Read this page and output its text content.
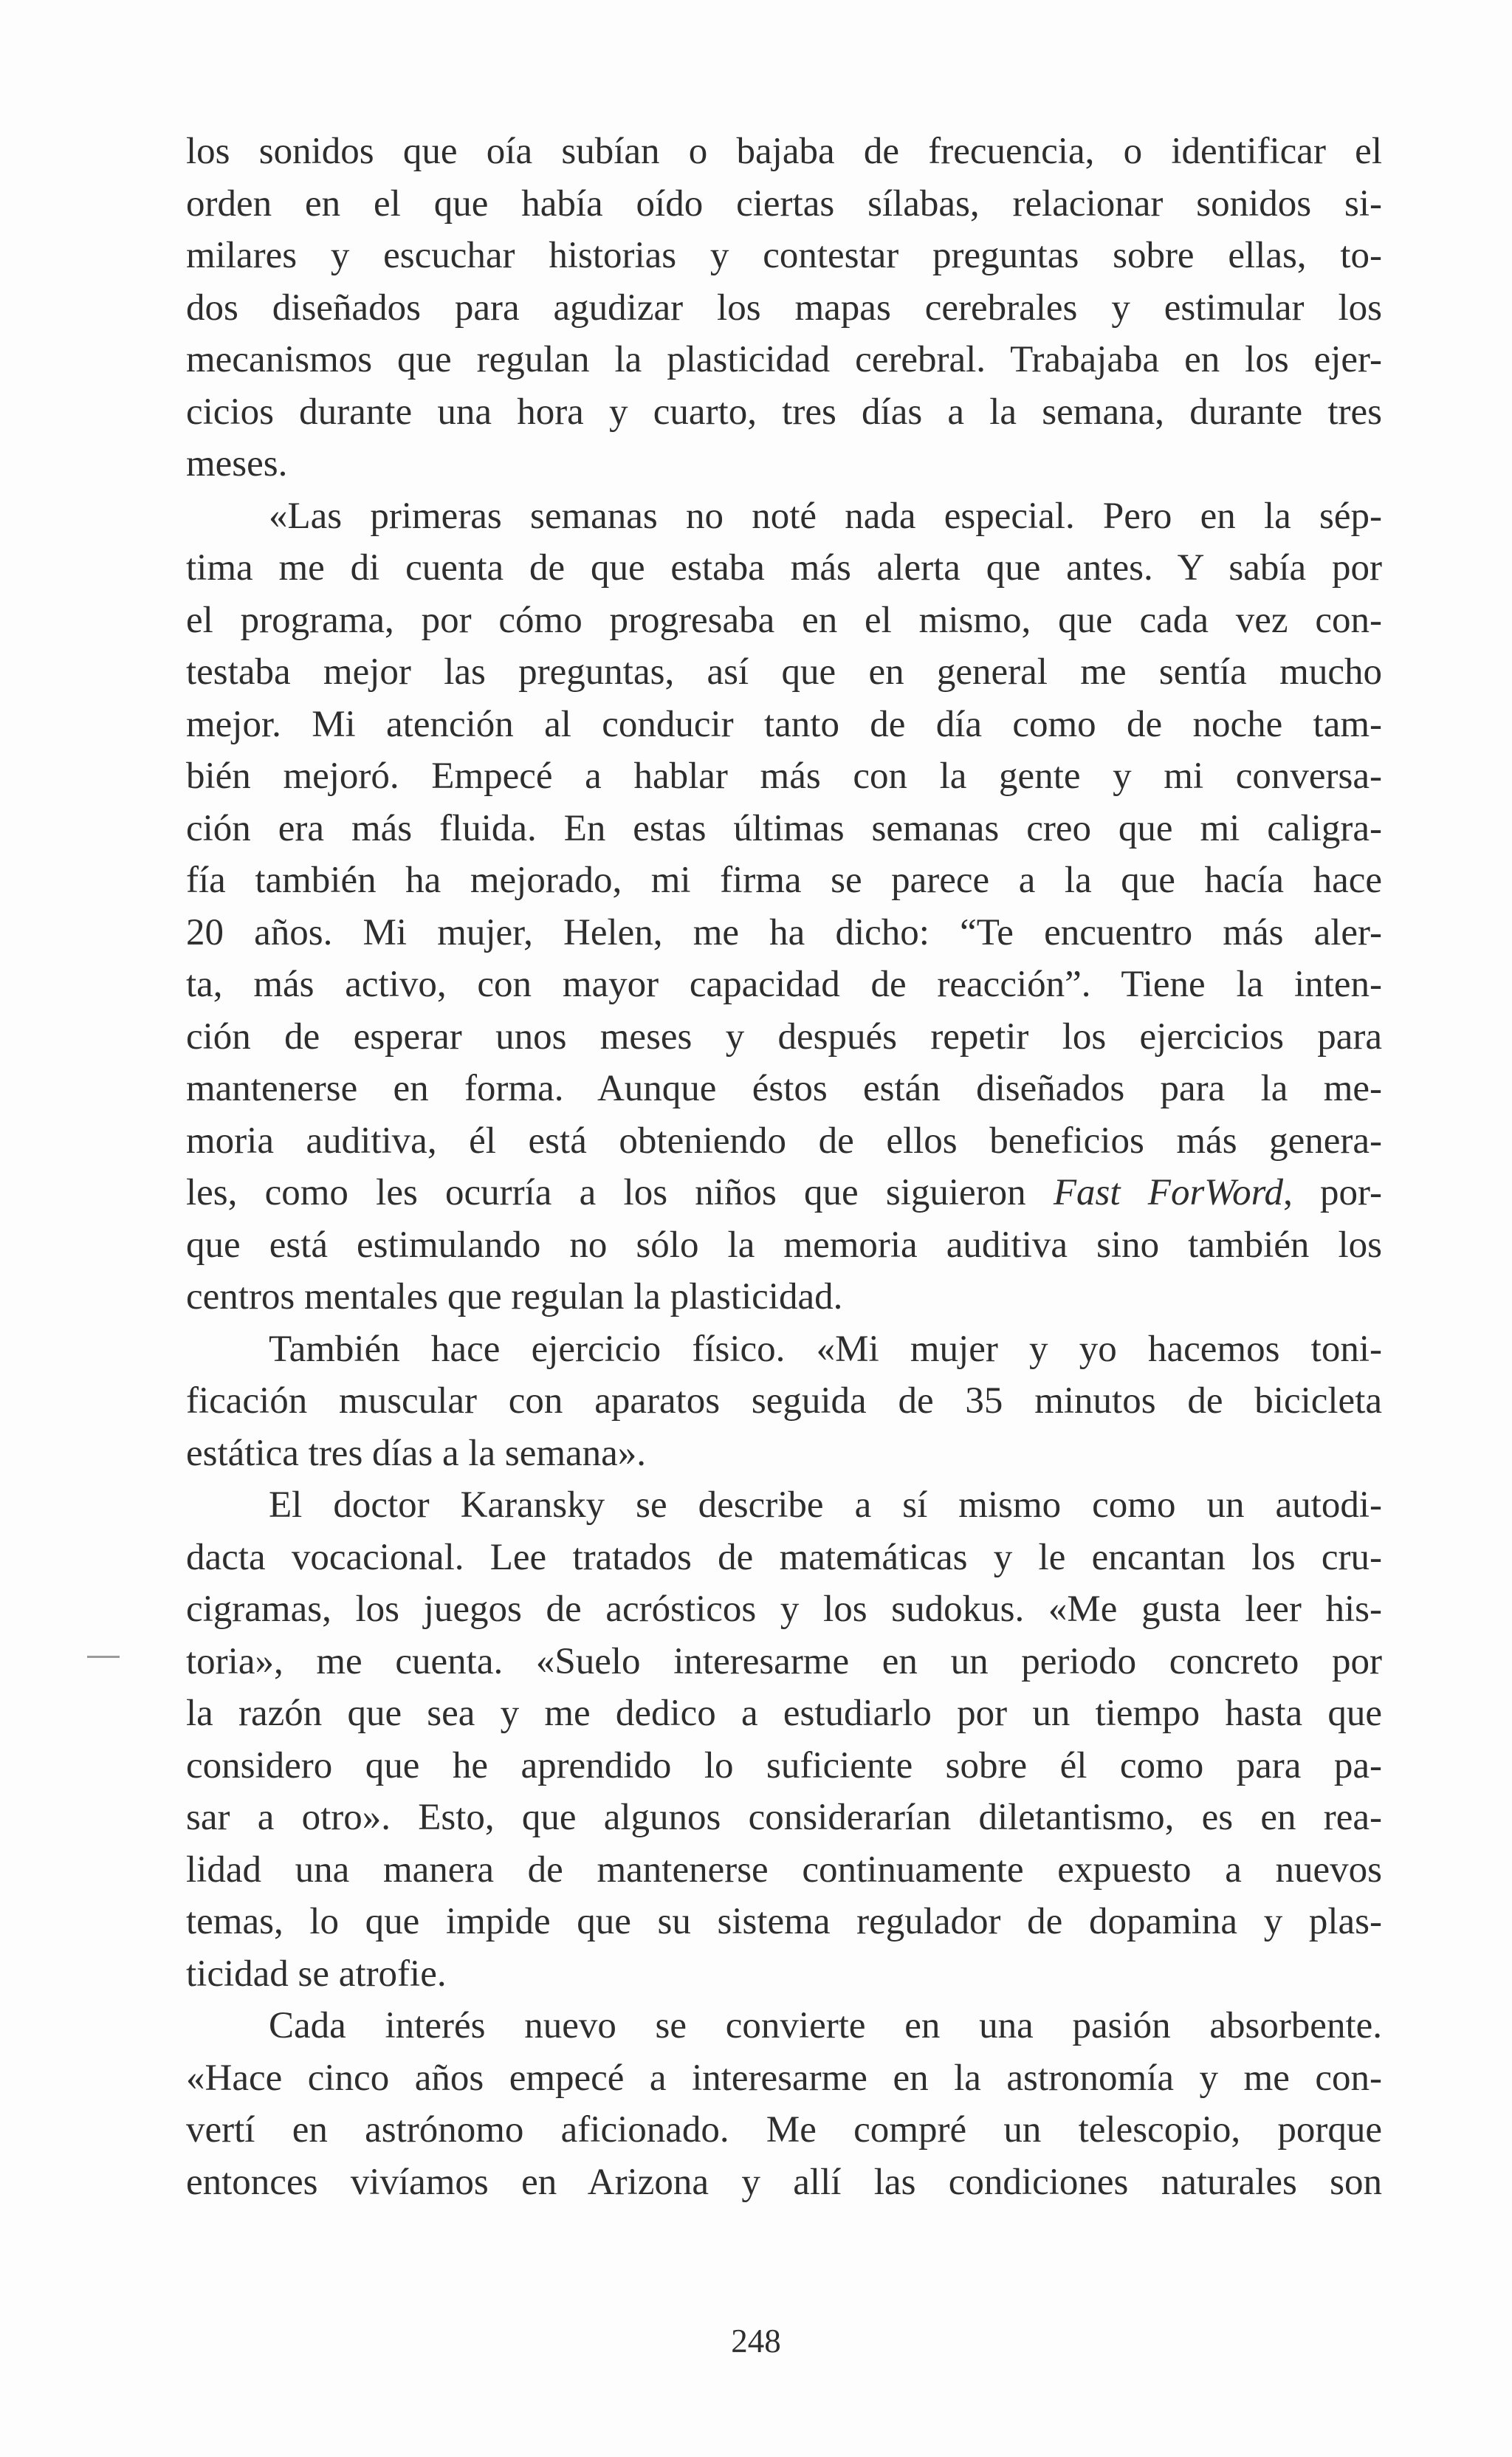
los sonidos que oía subían o bajaba de frecuencia, o identificar el
orden en el que había oído ciertas sílabas, relacionar sonidos si-
milares y escuchar historias y contestar preguntas sobre ellas, to-
dos diseñados para agudizar los mapas cerebrales y estimular los
mecanismos que regulan la plasticidad cerebral. Trabajaba en los ejer-
cicios durante una hora y cuarto, tres días a la semana, durante tres
meses.
«Las primeras semanas no noté nada especial. Pero en la sép-
tima me di cuenta de que estaba más alerta que antes. Y sabía por
el programa, por cómo progresaba en el mismo, que cada vez con-
testaba mejor las preguntas, así que en general me sentía mucho
mejor. Mi atención al conducir tanto de día como de noche tam-
bién mejoró. Empecé a hablar más con la gente y mi conversa-
ción era más fluida. En estas últimas semanas creo que mi caligra-
fía también ha mejorado, mi firma se parece a la que hacía hace
20 años. Mi mujer, Helen, me ha dicho: “Te encuentro más aler-
ta, más activo, con mayor capacidad de reacción”. Tiene la inten-
ción de esperar unos meses y después repetir los ejercicios para
mantenerse en forma. Aunque éstos están diseñados para la me-
moria auditiva, él está obteniendo de ellos beneficios más genera-
les, como les ocurría a los niños que siguieron Fast ForWord, por-
que está estimulando no sólo la memoria auditiva sino también los
centros mentales que regulan la plasticidad.
También hace ejercicio físico. «Mi mujer y yo hacemos toni-
ficación muscular con aparatos seguida de 35 minutos de bicicleta
estática tres días a la semana».
El doctor Karansky se describe a sí mismo como un autodi-
dacta vocacional. Lee tratados de matemáticas y le encantan los cru-
cigramas, los juegos de acrósticos y los sudokus. «Me gusta leer his-
toria», me cuenta. «Suelo interesarme en un periodo concreto por
la razón que sea y me dedico a estudiarlo por un tiempo hasta que
considero que he aprendido lo suficiente sobre él como para pa-
sar a otro». Esto, que algunos considerarían diletantismo, es en rea-
lidad una manera de mantenerse continuamente expuesto a nuevos
temas, lo que impide que su sistema regulador de dopamina y plas-
ticidad se atrofie.
Cada interés nuevo se convierte en una pasión absorbente.
«Hace cinco años empecé a interesarme en la astronomía y me con-
vertí en astrónomo aficionado. Me compré un telescopio, porque
entonces vivíamos en Arizona y allí las condiciones naturales son
248
